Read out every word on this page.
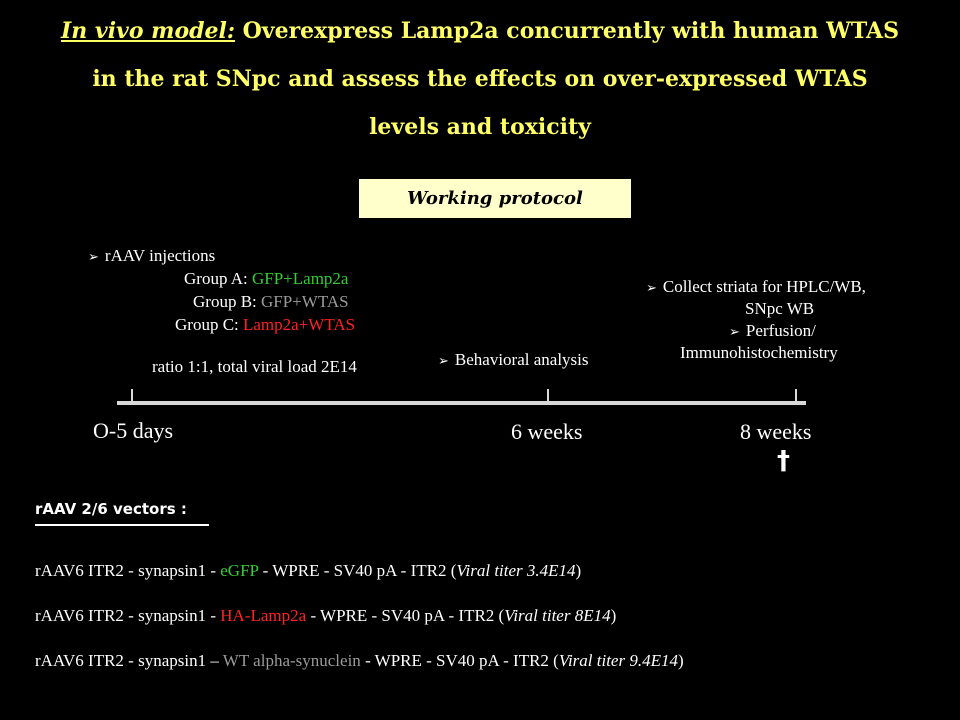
In vivo model: Overexpress Lamp2a concurrently with human WTAS
in the rat SNpc and assess the effects on over-expressed WTAS
levels and toxicity
Working protocol
➢ rAAV injections
Group A: GFP+Lamp2a
Group B: GFP+WTAS
Group C: Lamp2a+WTAS
ratio 1:1, total viral load 2E14	➢ Behavioral analysis
➢ Collect striata for HPLC/WB,
SNpc WB
➢ Perfusion/
Immunohistochemistry
O-5 days	6 weeks	8 weeks
†
rAAV 2/6 vectors :
rAAV6 ITR2 - synapsin1 - eGFP - WPRE - SV40 pA - ITR2 (Viral titer 3.4E14)
rAAV6 ITR2 - synapsin1 - HA-Lamp2a - WPRE - SV40 pA - ITR2 (Viral titer 8E14)
rAAV6 ITR2 - synapsin1 – WT alpha-synuclein - WPRE - SV40 pA - ITR2 (Viral titer 9.4E14)
